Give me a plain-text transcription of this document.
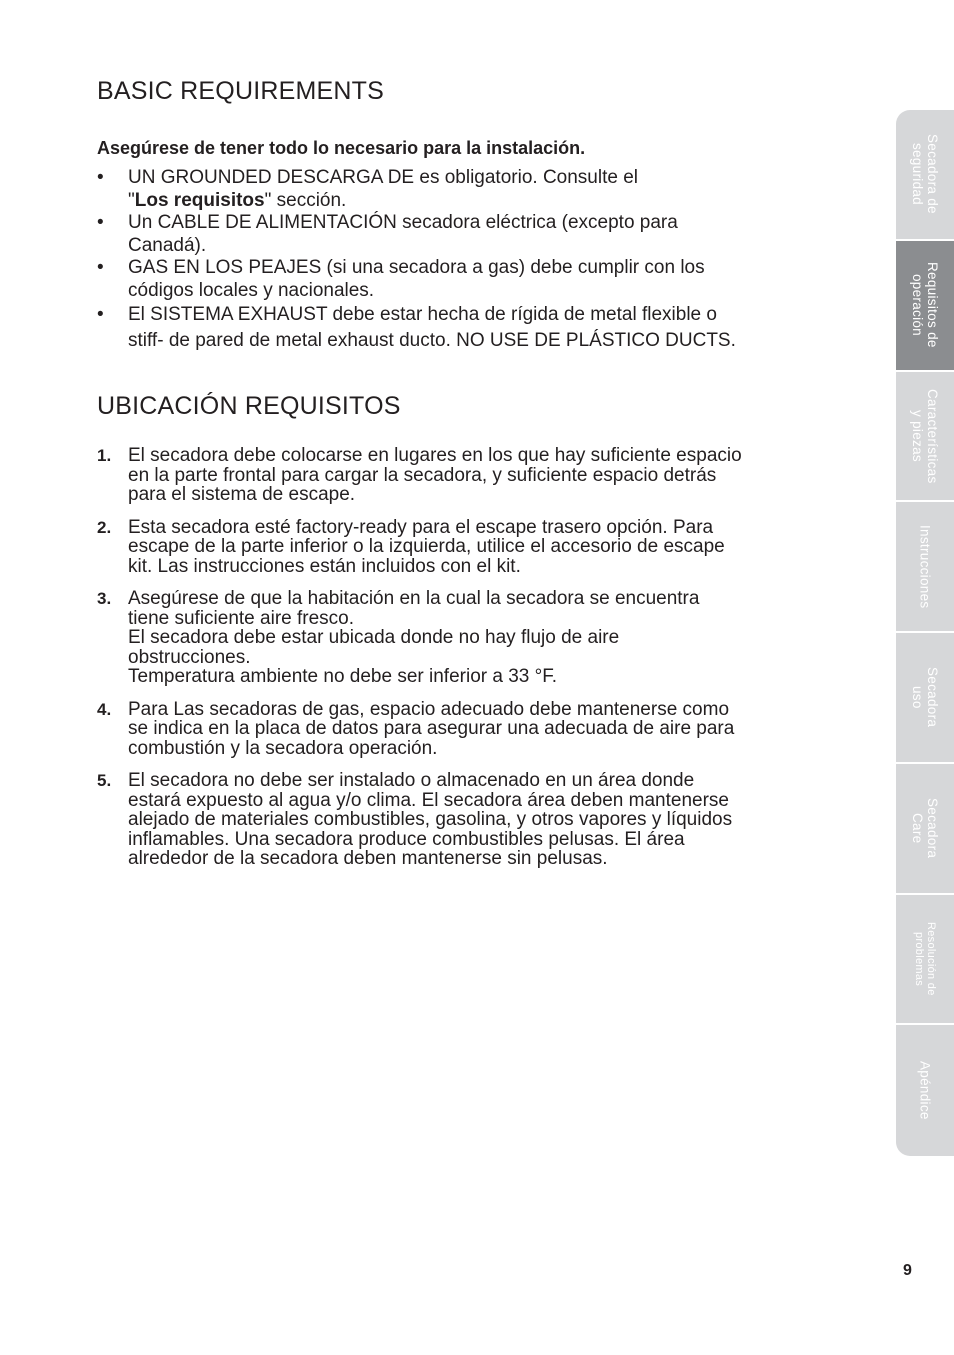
BASIC REQUIREMENTS

Asegúrese de tener todo lo necesario para la instalación.

• UN GROUNDED DESCARGA DE es obligatorio. Consulte el
"Los requisitos" sección.
• Un CABLE DE ALIMENTACIÓN secadora eléctrica (excepto para
Canadá).
• GAS EN LOS PEAJES (si una secadora a gas) debe cumplir con los
códigos locales y nacionales.
• El SISTEMA EXHAUST debe estar hecha de rígida de metal flexible o
stiff- de pared de metal exhaust ducto. NO USE DE PLÁSTICO DUCTS.
UBICACIÓN REQUISITOS
1. El secadora debe colocarse en lugares en los que hay suficiente espacio
en la parte frontal para cargar la secadora, y suficiente espacio detrás
para el sistema de escape.
2. Esta secadora esté factory-ready para el escape trasero opción. Para
escape de la parte inferior o la izquierda, utilice el accesorio de escape
kit. Las instrucciones están incluidos con el kit.
3. Asegúrese de que la habitación en la cual la secadora se encuentra
tiene suficiente aire fresco.
El secadora debe estar ubicada donde no hay flujo de aire
obstrucciones.
Temperatura ambiente no debe ser inferior a 33 °F.
4. Para Las secadoras de gas, espacio adecuado debe mantenerse como
se indica en la placa de datos para asegurar una adecuada de aire para
combustión y la secadora operación.
5. El secadora no debe ser instalado o almacenado en un área donde
estará expuesto al agua y/o clima. El secadora área deben mantenerse
alejado de materiales combustibles, gasolina, y otros vapores y líquidos
inflamables. Una secadora produce combustibles pelusas. El área
alrededor de la secadora deben mantenerse sin pelusas.
Secadora de
seguridad
Requisitos de
operación
Características
y piezas
Instrucciones
Secadora
uso
Secadora
Care
Resolución de
problemas
Apéndice
9
